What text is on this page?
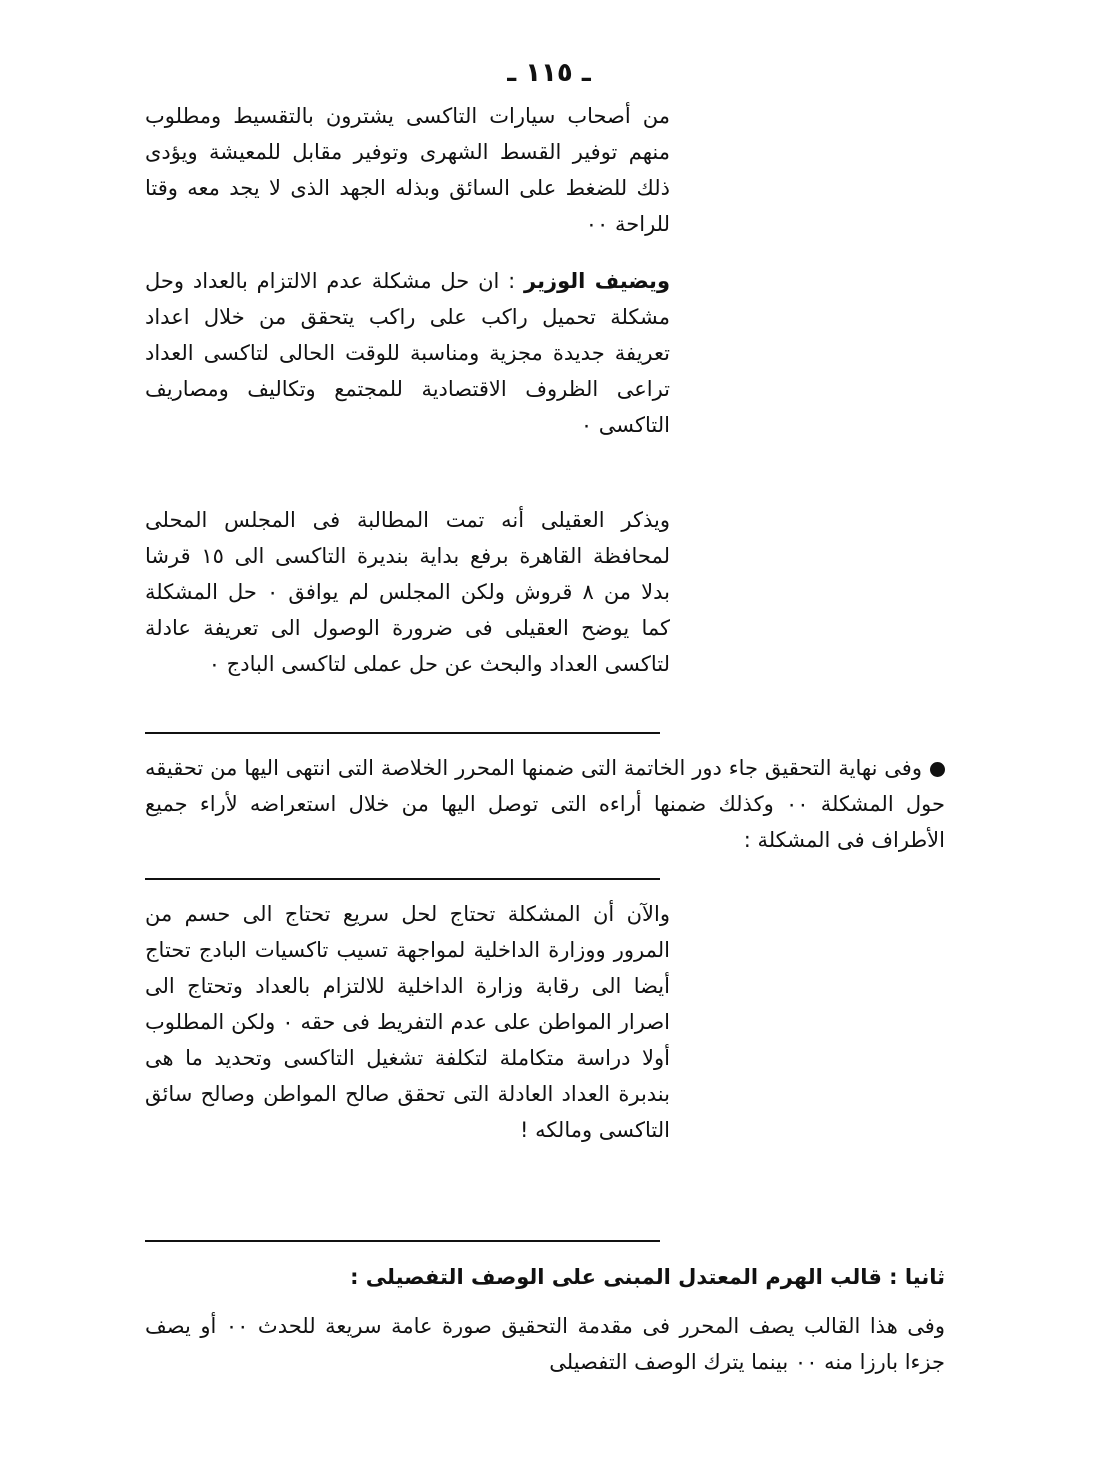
ـ ١١٥ ـ

من أصحاب سيارات التاكسى يشترون بالتقسيط ومطلوب منهم توفير القسط الشهرى وتوفير مقابل للمعيشة ويؤدى ذلك للضغط على السائق وبذله الجهد الذى لا يجد معه وقتا للراحة ٠٠

ويضيف الوزير : ان حل مشكلة عدم الالتزام بالعداد وحل مشكلة تحميل راكب على راكب يتحقق من خلال اعداد تعريفة جديدة مجزية ومناسبة للوقت الحالى لتاكسى العداد تراعى الظروف الاقتصادية للمجتمع وتكاليف ومصاريف التاكسى ٠

ويذكر العقيلى أنه تمت المطالبة فى المجلس المحلى لمحافظة القاهرة برفع بداية بنديرة التاكسى الى ١٥ قرشا بدلا من ٨ قروش ولكن المجلس لم يوافق ٠ حل المشكلة كما يوضح العقيلى فى ضرورة الوصول الى تعريفة عادلة لتاكسى العداد والبحث عن حل عملى لتاكسى البادج ٠

وفى نهاية التحقيق جاء دور الخاتمة التى ضمنها المحرر الخلاصة التى انتهى اليها من تحقيقه حول المشكلة ٠٠ وكذلك ضمنها أراءه التى توصل اليها من خلال استعراضه لأراء جميع الأطراف فى المشكلة :

والآن أن المشكلة تحتاج لحل سريع تحتاج الى حسم من المرور ووزارة الداخلية لمواجهة تسيب تاكسيات البادج تحتاج أيضا الى رقابة وزارة الداخلية للالتزام بالعداد وتحتاج الى اصرار المواطن على عدم التفريط فى حقه ٠ ولكن المطلوب أولا دراسة متكاملة لتكلفة تشغيل التاكسى وتحديد ما هى بندبرة العداد العادلة التى تحقق صالح المواطن وصالح سائق التاكسى ومالكه !

ثانيا : قالب الهرم المعتدل المبنى على الوصف التفصيلى :

وفى هذا القالب يصف المحرر فى مقدمة التحقيق صورة عامة سريعة للحدث ٠٠ أو يصف جزءا بارزا منه ٠٠ بينما يترك الوصف التفصيلى
